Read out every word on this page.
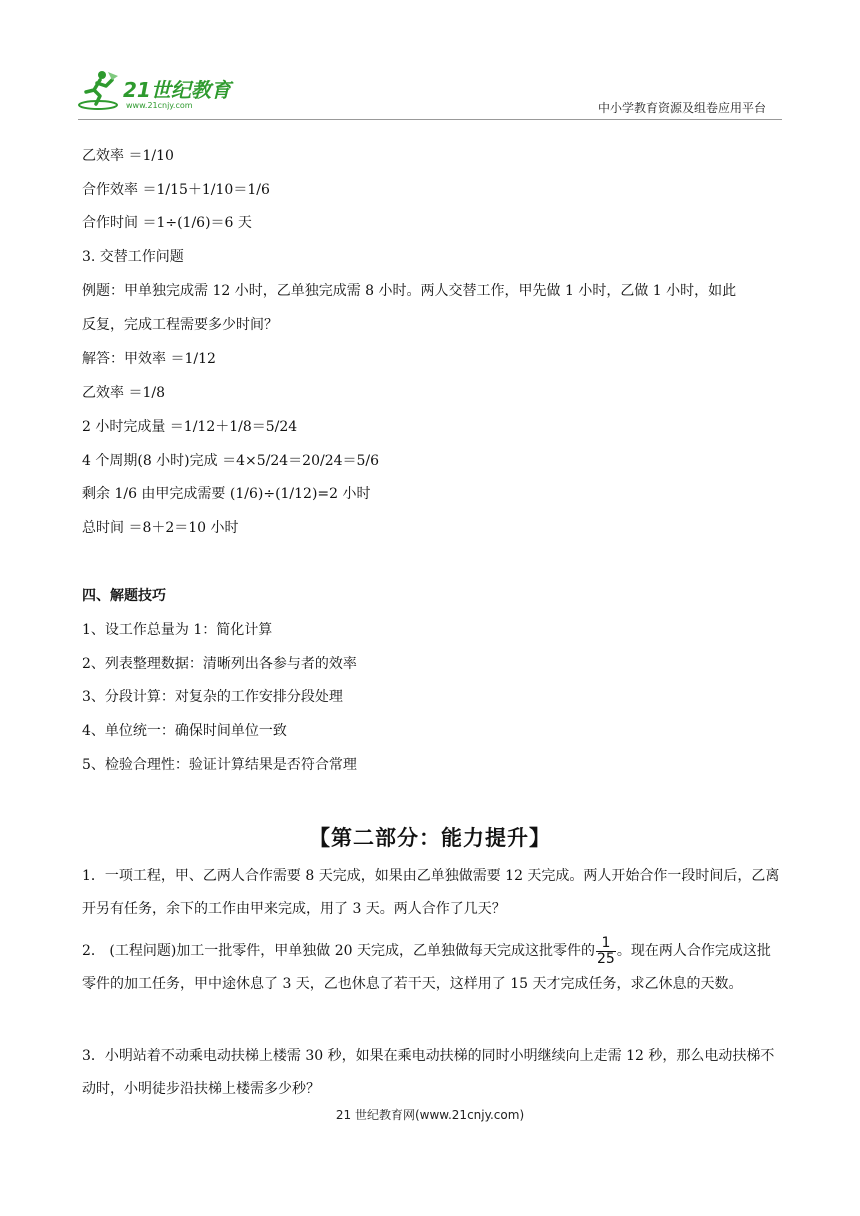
21世纪教育
www.21cnjy.com	中小学教育资源及组卷应用平台
乙效率 ＝1/10
合作效率 ＝1/15＋1/10＝1/6
合作时间 ＝1÷(1/6)＝6 天
3. 交替工作问题
例题：甲单独完成需 12 小时，乙单独完成需 8 小时。两人交替工作，甲先做 1 小时，乙做 1 小时，如此
反复，完成工程需要多少时间？
解答：甲效率 ＝1/12
乙效率 ＝1/8
2 小时完成量 ＝1/12＋1/8＝5/24
4 个周期(8 小时)完成 ＝4×5/24＝20/24＝5/6
剩余 1/6 由甲完成需要 (1/6)÷(1/12)=2 小时
总时间 ＝8＋2＝10 小时
四、解题技巧
1、设工作总量为 1：简化计算
2、列表整理数据：清晰列出各参与者的效率
3、分段计算：对复杂的工作安排分段处理
4、单位统一：确保时间单位一致
5、检验合理性：验证计算结果是否符合常理
【第二部分：能力提升】
1．一项工程，甲、乙两人合作需要 8 天完成，如果由乙单独做需要 12 天完成。两人开始合作一段时间后，乙离开另有任务，余下的工作由甲来完成，用了 3 天。两人合作了几天？
2． (工程问题)加工一批零件，甲单独做 20 天完成，乙单独做每天完成这批零件的 $\frac{1}{25}$ 。现在两人合作完成这批零件的加工任务，甲中途休息了 3 天，乙也休息了若干天，这样用了 15 天才完成任务，求乙休息的天数。
3．小明站着不动乘电动扶梯上楼需 30 秒，如果在乘电动扶梯的同时小明继续向上走需 12 秒，那么电动扶梯不动时，小明徒步沿扶梯上楼需多少秒？
21 世纪教育网(www.21cnjy.com)
